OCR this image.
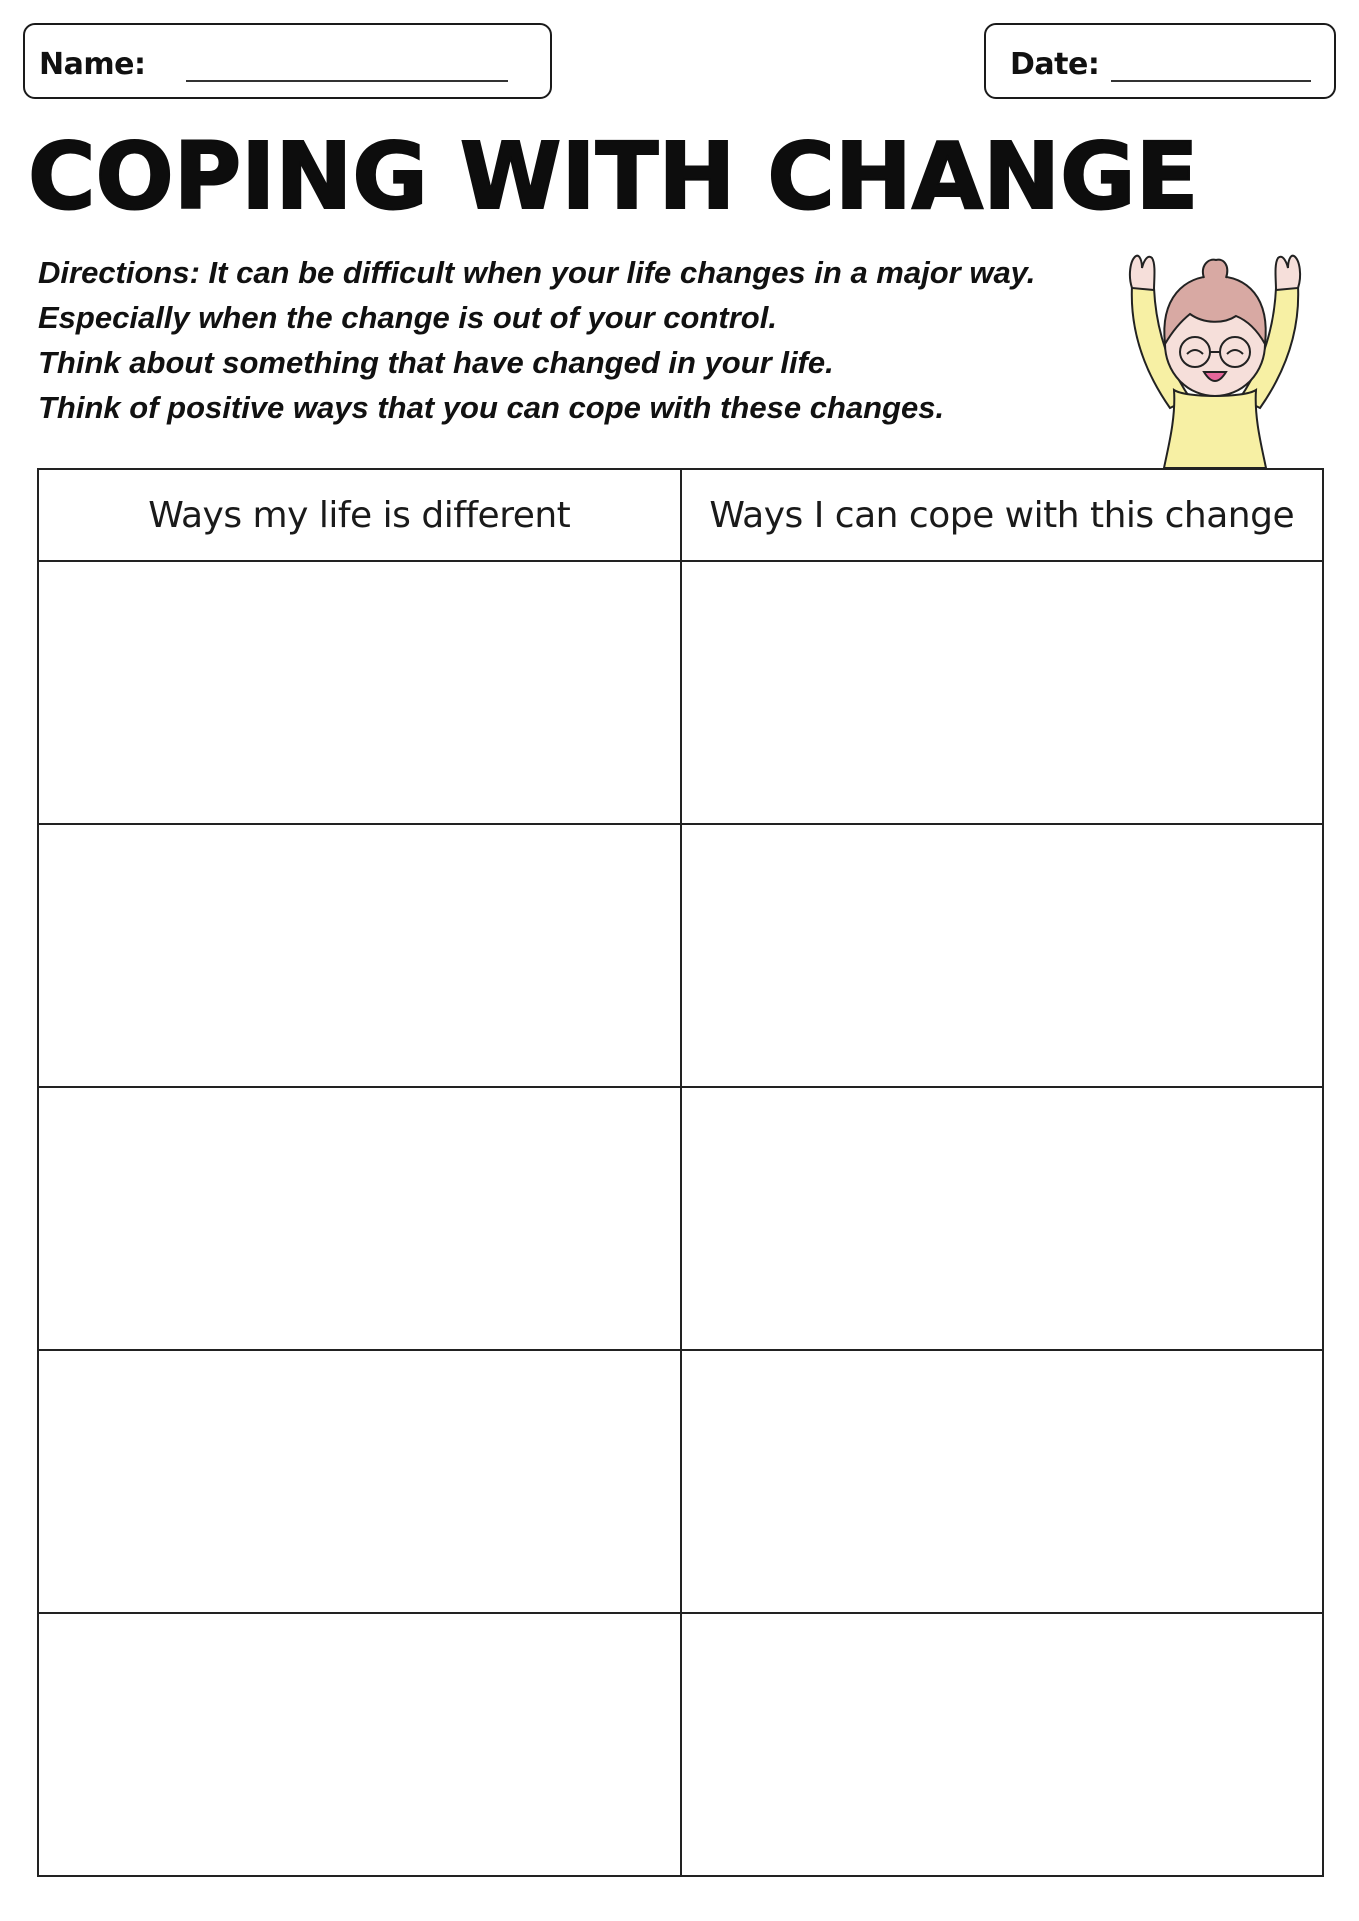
Name:	Date:
COPING WITH CHANGE
Directions: It can be difficult when your life changes in a major way.
Especially when the change is out of your control.
Think about something that have changed in your life.
Think of positive ways that you can cope with these changes.
Ways my life is different	Ways I can cope with this change
